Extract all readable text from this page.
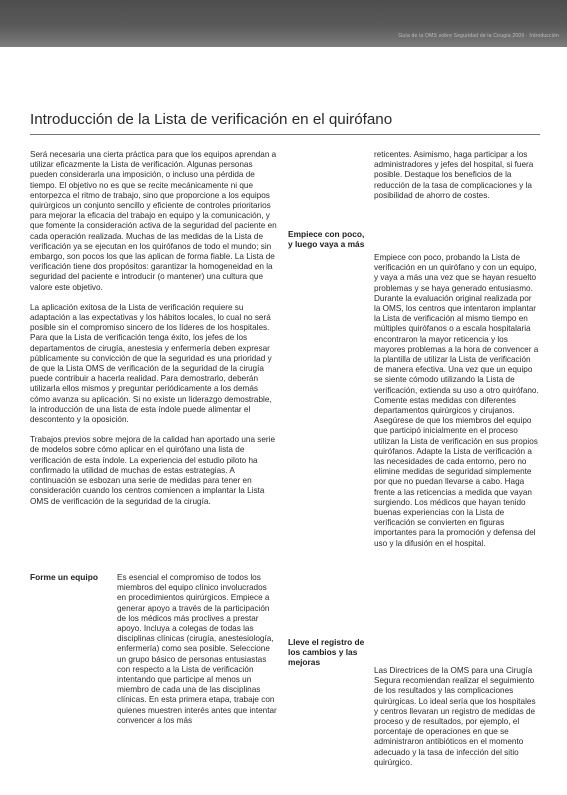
Guía de la OMS sobre Seguridad de la Cirugía 2009 · Introducción
Introducción de la Lista de verificación en el quirófano

Será necesaria una cierta práctica para que los equipos aprendan a utilizar eficazmente la Lista de verificación. Algunas personas pueden considerarla una imposición, o incluso una pérdida de tiempo. El objetivo no es que se recite mecánicamente ni que entorpezca el ritmo de trabajo, sino que proporcione a los equipos quirúrgicos un conjunto sencillo y eficiente de controles prioritarios para mejorar la eficacia del trabajo en equipo y la comunicación, y que fomente la consideración activa de la seguridad del paciente en cada operación realizada. Muchas de las medidas de la Lista de verificación ya se ejecutan en los quirófanos de todo el mundo; sin embargo, son pocos los que las aplican de forma fiable. La Lista de verificación tiene dos propósitos: garantizar la homogeneidad en la seguridad del paciente e introducir (o mantener) una cultura que valore este objetivo.

La aplicación exitosa de la Lista de verificación requiere su adaptación a las expectativas y los hábitos locales, lo cual no será posible sin el compromiso sincero de los líderes de los hospitales. Para que la Lista de verificación tenga éxito, los jefes de los departamentos de cirugía, anestesia y enfermería deben expresar públicamente su convicción de que la seguridad es una prioridad y de que la Lista OMS de verificación de la seguridad de la cirugía puede contribuir a hacerla realidad. Para demostrarlo, deberán utilizarla ellos mismos y preguntar periódicamente a los demás cómo avanza su aplicación. Si no existe un liderazgo demostrable, la introducción de una lista de esta índole puede alimentar el descontento y la oposición.

Trabajos previos sobre mejora de la calidad han aportado una serie de modelos sobre cómo aplicar en el quirófano una lista de verificación de esta índole. La experiencia del estudio piloto ha confirmado la utilidad de muchas de estas estrategias. A continuación se esbozan una serie de medidas para tener en consideración cuando los centros comiencen a implantar la Lista OMS de verificación de la seguridad de la cirugía.

Forme un equipo	Es esencial el compromiso de todos los miembros del equipo clínico involucrados en procedimientos quirúrgicos. Empiece a generar apoyo a través de la participación de los médicos más proclives a prestar apoyo. Incluya a colegas de todas las disciplinas clínicas (cirugía, anestesiología, enfermería) como sea posible. Seleccione un grupo básico de personas entusiastas con respecto a la Lista de verificación intentando que participe al menos un miembro de cada una de las disciplinas clínicas. En esta primera etapa, trabaje con quienes muestren interés antes que intentar convencer a los más
reticentes. Asimismo, haga participar a los administradores y jefes del hospital, si fuera posible. Destaque los beneficios de la reducción de la tasa de complicaciones y la posibilidad de ahorro de costes.
Empiece con poco, y luego vaya a más
Empiece con poco, probando la Lista de verificación en un quirófano y con un equipo, y vaya a más una vez que se hayan resuelto problemas y se haya generado entusiasmo. Durante la evaluación original realizada por la OMS, los centros que intentaron implantar la Lista de verificación al mismo tiempo en múltiples quirófanos o a escala hospitalaria encontraron la mayor reticencia y los mayores problemas a la hora de convencer a la plantilla de utilizar la Lista de verificación de manera efectiva. Una vez que un equipo se siente cómodo utilizando la Lista de verificación, extienda su uso a otro quirófano. Comente estas medidas con diferentes departamentos quirúrgicos y cirujanos. Asegúrese de que los miembros del equipo que participó inicialmente en el proceso utilizan la Lista de verificación en sus propios quirófanos. Adapte la Lista de verificación a las necesidades de cada entorno, pero no elimine medidas de seguridad simplemente por que no puedan llevarse a cabo. Haga frente a las reticencias a medida que vayan surgiendo. Los médicos que hayan tenido buenas experiencias con la Lista de verificación se convierten en figuras importantes para la promoción y defensa del uso y la difusión en el hospital.
Lleve el registro de los cambios y las mejoras
Las Directrices de la OMS para una Cirugía Segura recomiendan realizar el seguimiento de los resultados y las complicaciones quirúrgicas. Lo ideal sería que los hospitales y centros llevaran un registro de medidas de proceso y de resultados, por ejemplo, el porcentaje de operaciones en que se administraron antibióticos en el momento adecuado y la tasa de infección del sitio quirúrgico.
